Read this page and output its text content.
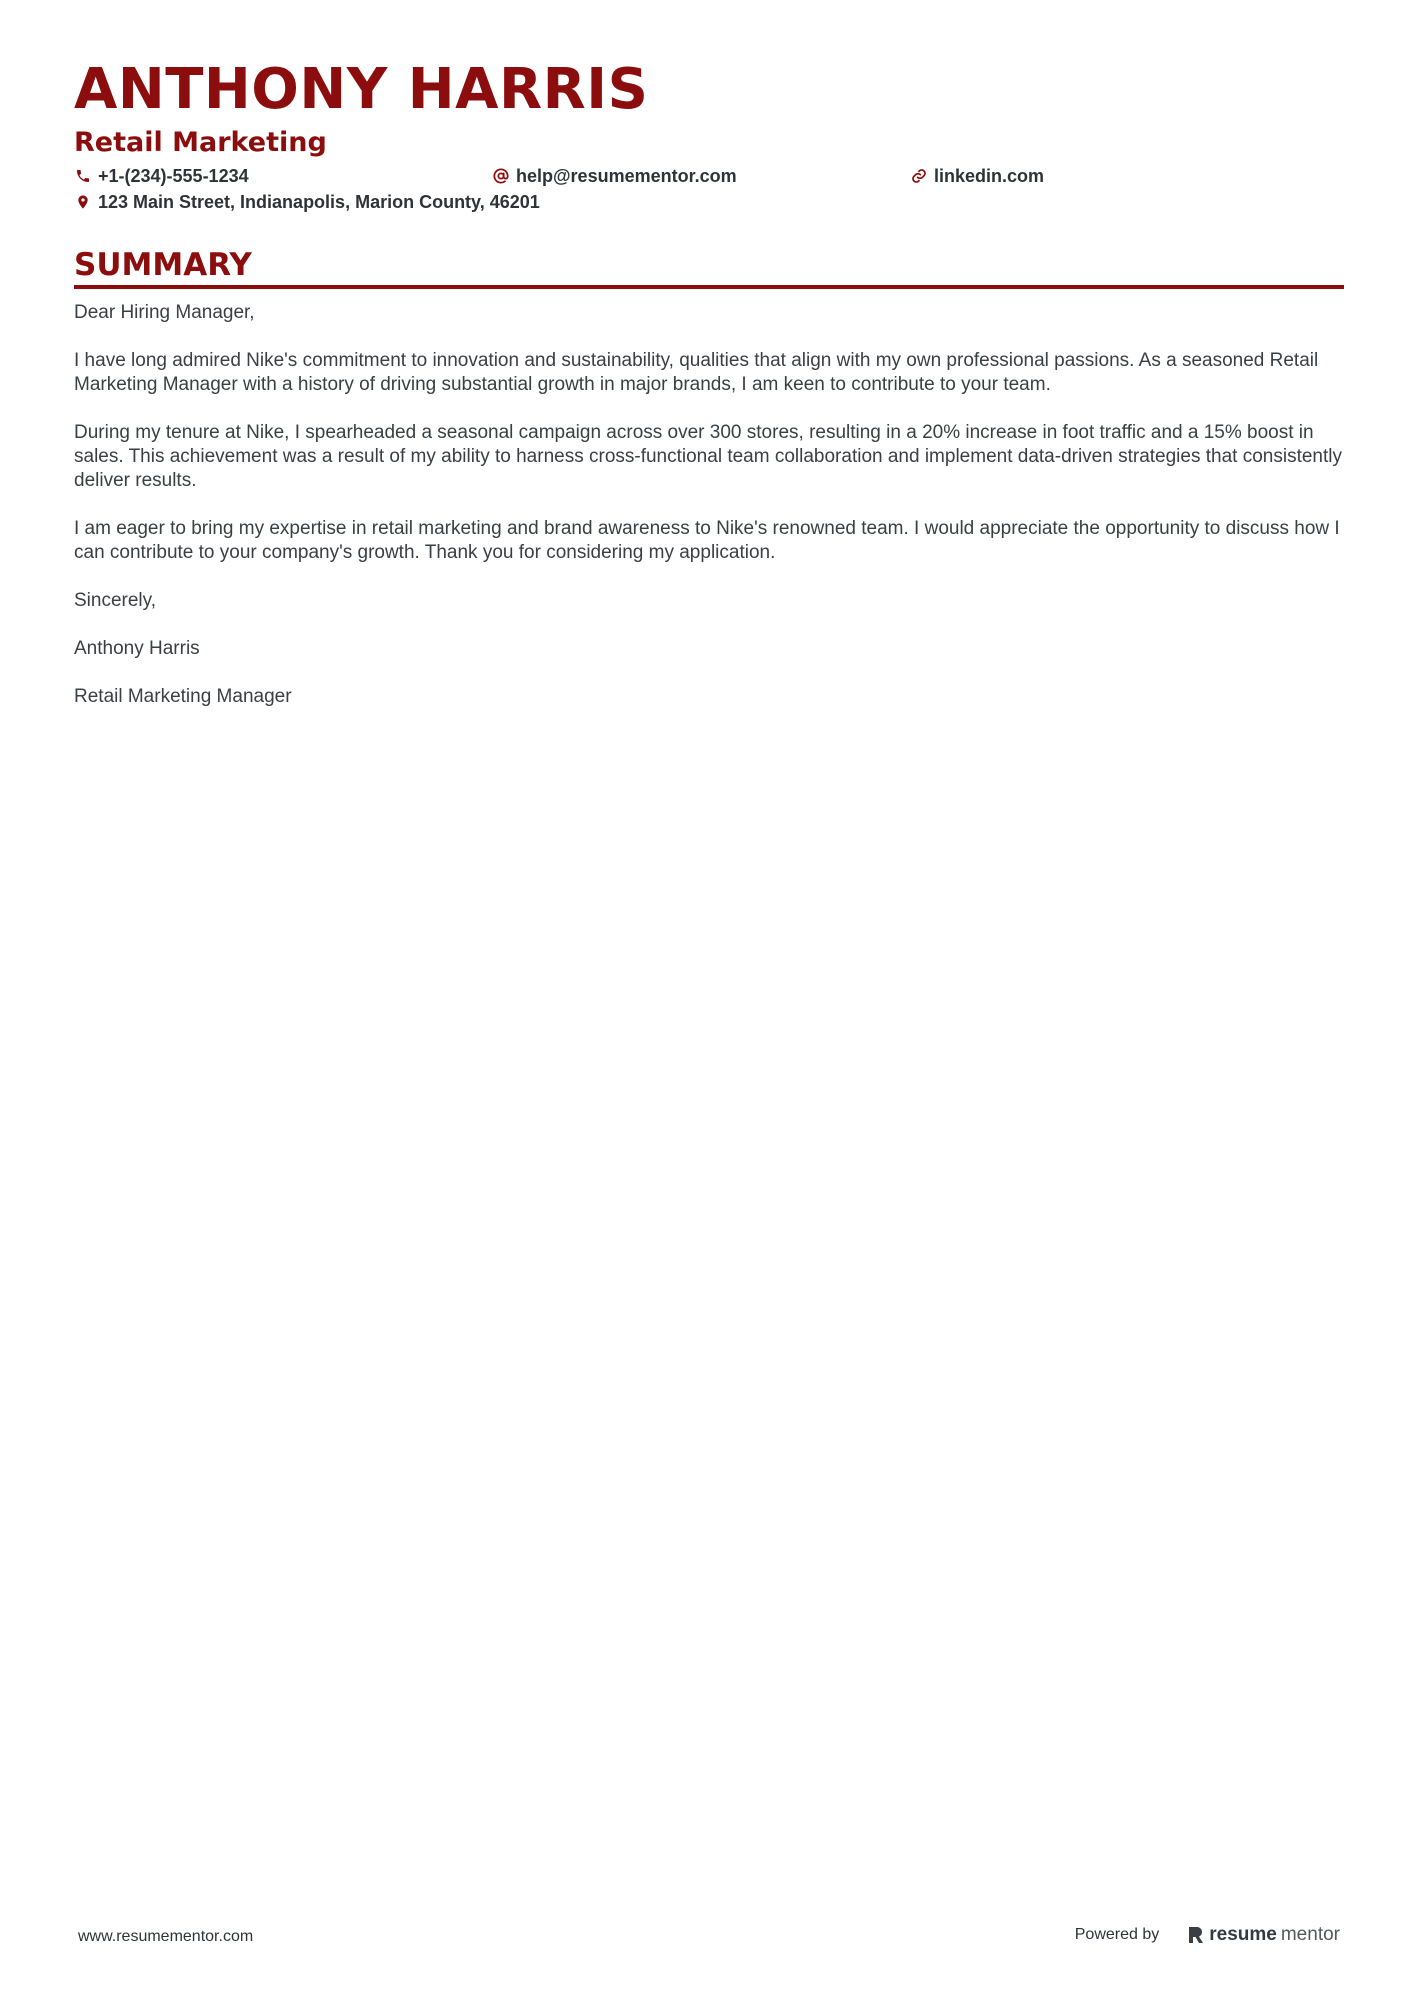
ANTHONY HARRIS
Retail Marketing
+1-(234)-555-1234	help@resumementor.com	linkedin.com
123 Main Street, Indianapolis, Marion County, 46201
SUMMARY

Dear Hiring Manager,

I have long admired Nike's commitment to innovation and sustainability, qualities that align with my own professional passions. As a seasoned Retail Marketing Manager with a history of driving substantial growth in major brands, I am keen to contribute to your team.

During my tenure at Nike, I spearheaded a seasonal campaign across over 300 stores, resulting in a 20% increase in foot traffic and a 15% boost in sales. This achievement was a result of my ability to harness cross-functional team collaboration and implement data-driven strategies that consistently deliver results.

I am eager to bring my expertise in retail marketing and brand awareness to Nike's renowned team. I would appreciate the opportunity to discuss how I can contribute to your company's growth. Thank you for considering my application.

Sincerely,

Anthony Harris

Retail Marketing Manager

www.resumementor.com	Powered by	resume mentor
